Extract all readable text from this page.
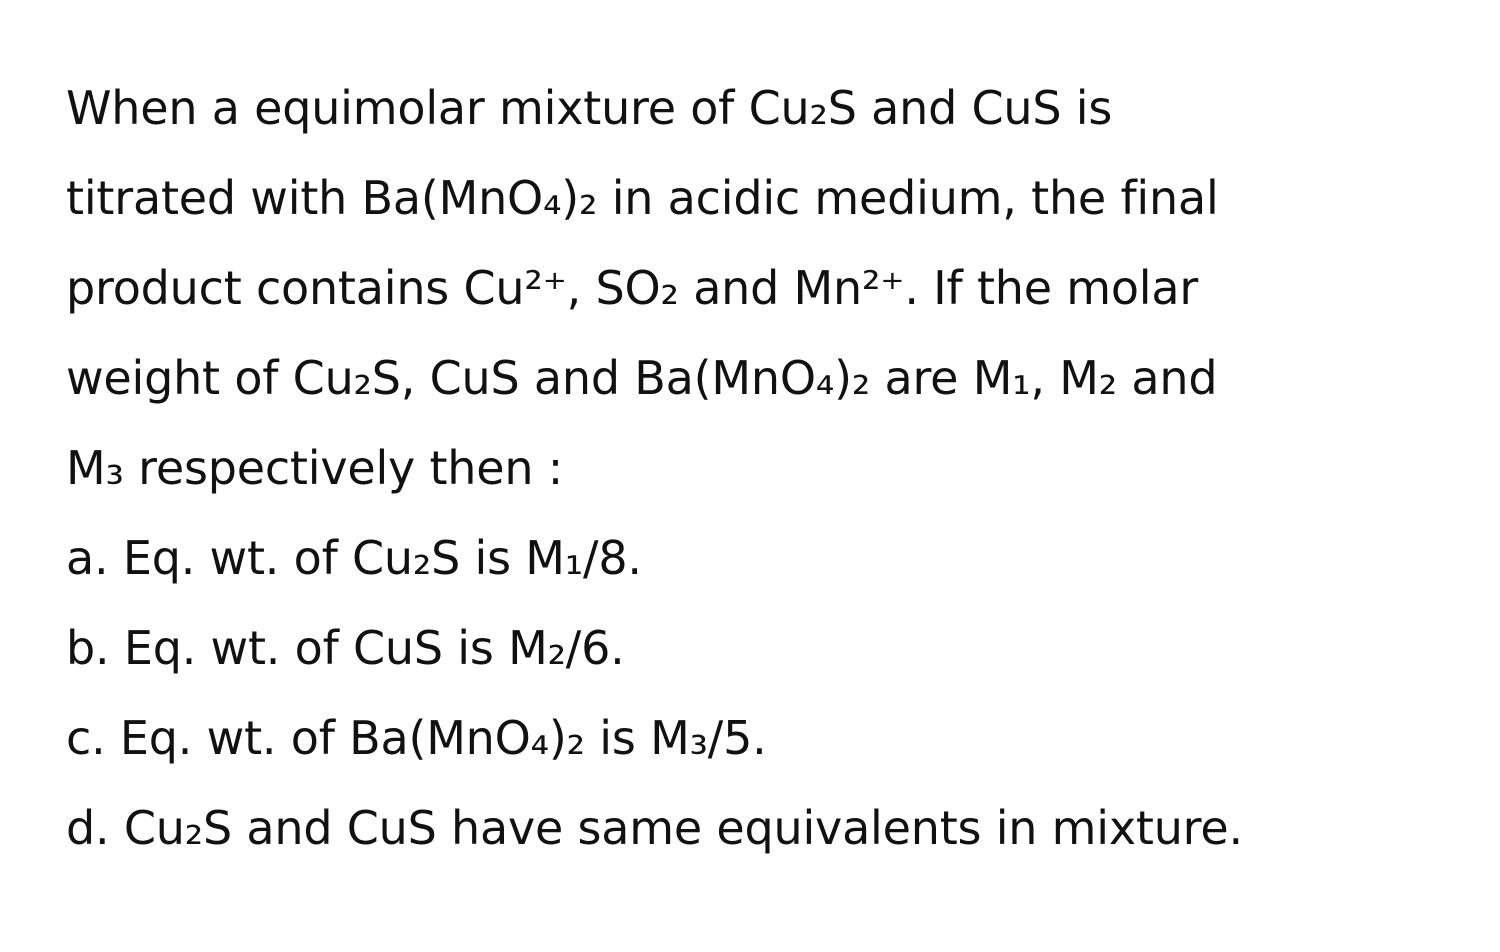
When a equimolar mixture of Cu₂S and CuS is
titrated with Ba(MnO₄)₂ in acidic medium, the final
product contains Cu²⁺, SO₂ and Mn²⁺. If the molar
weight of Cu₂S, CuS and Ba(MnO₄)₂ are M₁, M₂ and
M₃ respectively then :
a. Eq. wt. of Cu₂S is M₁/8.
b. Eq. wt. of CuS is M₂/6.
c. Eq. wt. of Ba(MnO₄)₂ is M₃/5.
d. Cu₂S and CuS have same equivalents in mixture.
